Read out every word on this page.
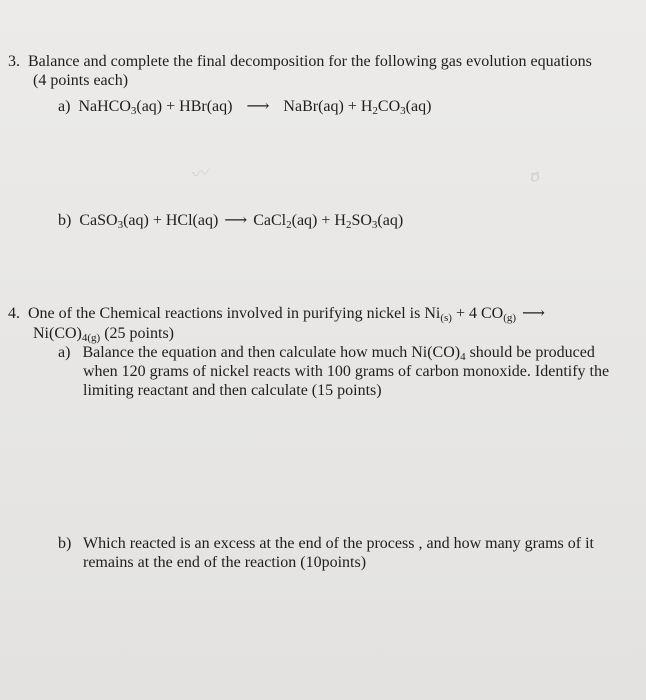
3. Balance and complete the final decomposition for the following gas evolution equations
(4 points each)
a) NaHCO$_3$(aq) + HBr(aq) ⟶ NaBr(aq) + $H_2CO_3(aq)$
〰	ʊ
b) CaSO$_3$(aq) + HCl(aq) ⟶ CaCl$_2$(aq) + $H_2SO_3(aq)$
4. One of the Chemical reactions involved in purifying nickel is $Ni_{(s)} + 4$ $CO_{(g)}$ ⟶
$Ni(CO)_{4(g)}$ (25 points)
a) Balance the equation and then calculate how much $Ni(CO)_4$ should be produced
when 120 grams of nickel reacts with 100 grams of carbon monoxide. Identify the
limiting reactant and then calculate (15 points)
b) Which reacted is an excess at the end of the process , and how many grams of it
remains at the end of the reaction (10points)
